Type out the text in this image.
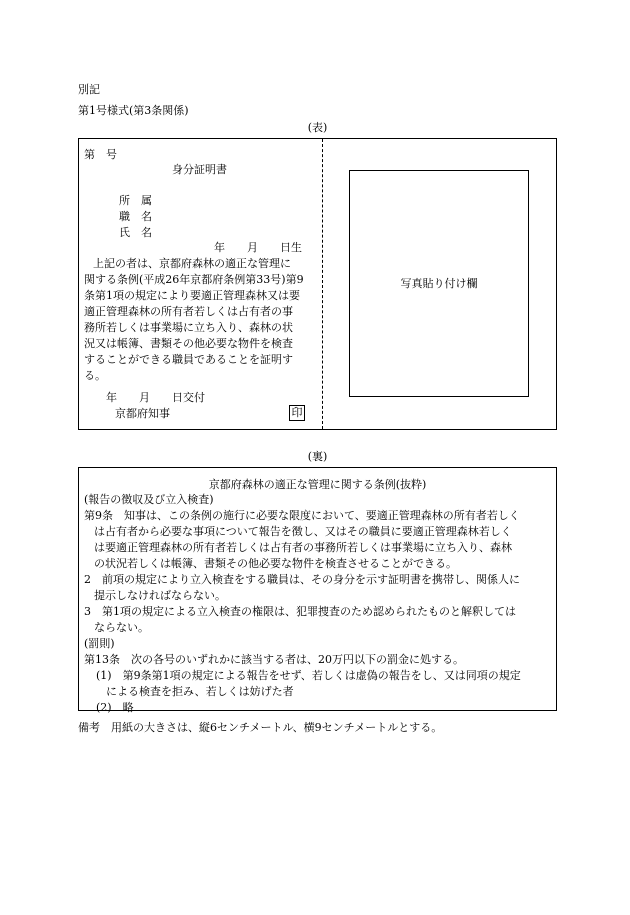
別記
第1号様式(第3条関係)
(表)
写真貼り付け欄
第　号
身分証明書
所　属
職　名
氏　名
年　　月　　日生
上記の者は、京都府森林の適正な管理に
関する条例(平成26年京都府条例第33号)第9
条第1項の規定により要適正管理森林又は要
適正管理森林の所有者若しくは占有者の事
務所若しくは事業場に立ち入り、森林の状
況又は帳簿、書類その他必要な物件を検査
することができる職員であることを証明す
る。
年　　月　　日交付
京都府知事	印
(裏)
京都府森林の適正な管理に関する条例(抜粋)
(報告の徴収及び立入検査)
第9条　知事は、この条例の施行に必要な限度において、要適正管理森林の所有者若しく
は占有者から必要な事項について報告を徴し、又はその職員に要適正管理森林若しく
は要適正管理森林の所有者若しくは占有者の事務所若しくは事業場に立ち入り、森林
の状況若しくは帳簿、書類その他必要な物件を検査させることができる。
2　前項の規定により立入検査をする職員は、その身分を示す証明書を携帯し、関係人に
提示しなければならない。
3　第1項の規定による立入検査の権限は、犯罪捜査のため認められたものと解釈しては
ならない。
(罰則)
第13条　次の各号のいずれかに該当する者は、20万円以下の罰金に処する。
(1)　第9条第1項の規定による報告をせず、若しくは虚偽の報告をし、又は同項の規定
による検査を拒み、若しくは妨げた者
(2)　略
備考　用紙の大きさは、縦6センチメートル、横9センチメートルとする。
